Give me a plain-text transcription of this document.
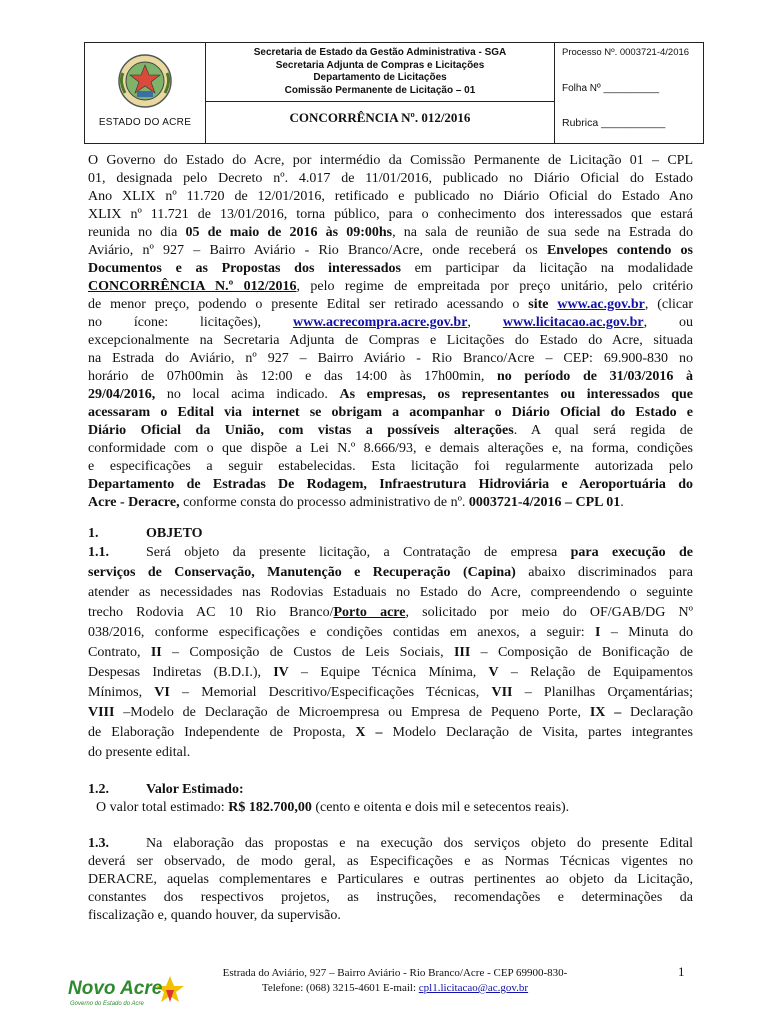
ESTADO DO ACRE
Secretaria de Estado da Gestão Administrativa - SGA
Secretaria Adjunta de Compras e Licitações
Departamento de Licitações
Comissão Permanente de Licitação – 01
CONCORRÊNCIA Nº. 012/2016
Processo Nº. 0003721-4/2016
Folha Nº __________
Rubrica ___________
O Governo do Estado do Acre, por intermédio da Comissão Permanente de Licitação 01 – CPL
01, designada pelo Decreto nº. 4.017 de 11/01/2016, publicado no Diário Oficial do Estado
Ano XLIX nº 11.720 de 12/01/2016, retificado e publicado no Diário Oficial do Estado Ano
XLIX nº 11.721 de 13/01/2016, torna público, para o conhecimento dos interessados que estará
reunida no dia 05 de maio de 2016 às 09:00hs, na sala de reunião de sua sede na Estrada do
Aviário, nº 927 – Bairro Aviário - Rio Branco/Acre, onde receberá os Envelopes contendo os
Documentos e as Propostas dos interessados em participar da licitação na modalidade
CONCORRÊNCIA N.º 012/2016, pelo regime de empreitada por preço unitário, pelo critério
de menor preço, podendo o presente Edital ser retirado acessando o site www.ac.gov.br, (clicar
no ícone: licitações), www.acrecompra.acre.gov.br, www.licitacao.ac.gov.br, ou
excepcionalmente na Secretaria Adjunta de Compras e Licitações do Estado do Acre, situada
na Estrada do Aviário, nº 927 – Bairro Aviário - Rio Branco/Acre – CEP: 69.900-830 no
horário de 07h00min às 12:00 e das 14:00 às 17h00min, no período de 31/03/2016 à
29/04/2016, no local acima indicado. As empresas, os representantes ou interessados que
acessaram o Edital via internet se obrigam a acompanhar o Diário Oficial do Estado e
Diário Oficial da União, com vistas a possíveis alterações. A qual será regida de
conformidade com o que dispõe a Lei N.º 8.666/93, e demais alterações e, na forma, condições
e especificações a seguir estabelecidas. Esta licitação foi regularmente autorizada pelo
Departamento de Estradas De Rodagem, Infraestrutura Hidroviária e Aeroportuária do
Acre - Deracre, conforme consta do processo administrativo de nº. 0003721-4/2016 – CPL 01.
1.	OBJETO
1.1.	Será objeto da presente licitação, a Contratação de empresa para execução de
serviços de Conservação, Manutenção e Recuperação (Capina) abaixo discriminados para
atender as necessidades nas Rodovias Estaduais no Estado do Acre, compreendendo o seguinte
trecho Rodovia AC 10 Rio Branco/Porto acre, solicitado por meio do OF/GAB/DG Nº
038/2016, conforme especificações e condições contidas em anexos, a seguir: I – Minuta do
Contrato, II – Composição de Custos de Leis Sociais, III – Composição de Bonificação de
Despesas Indiretas (B.D.I.), IV – Equipe Técnica Mínima, V – Relação de Equipamentos
Mínimos, VI – Memorial Descritivo/Especificações Técnicas, VII – Planilhas Orçamentárias;
VIII –Modelo de Declaração de Microempresa ou Empresa de Pequeno Porte, IX – Declaração
de Elaboração Independente de Proposta, X – Modelo Declaração de Visita, partes integrantes
do presente edital.
1.2.	Valor Estimado:
O valor total estimado: R$ 182.700,00 (cento e oitenta e dois mil e setecentos reais).
1.3.	Na elaboração das propostas e na execução dos serviços objeto do presente Edital
deverá ser observado, de modo geral, as Especificações e as Normas Técnicas vigentes no
DERACRE, aquelas complementares e Particulares e outras pertinentes ao objeto da Licitação,
constantes dos respectivos projetos, as instruções, recomendações e determinações da
fiscalização e, quando houver, da supervisão.
Novo Acre
Governo do Estado do Acre
Estrada do Aviário, 927 – Bairro Aviário - Rio Branco/Acre - CEP 69900-830-
Telefone: (068) 3215-4601 E-mail: cpl1.licitacao@ac.gov.br
1
